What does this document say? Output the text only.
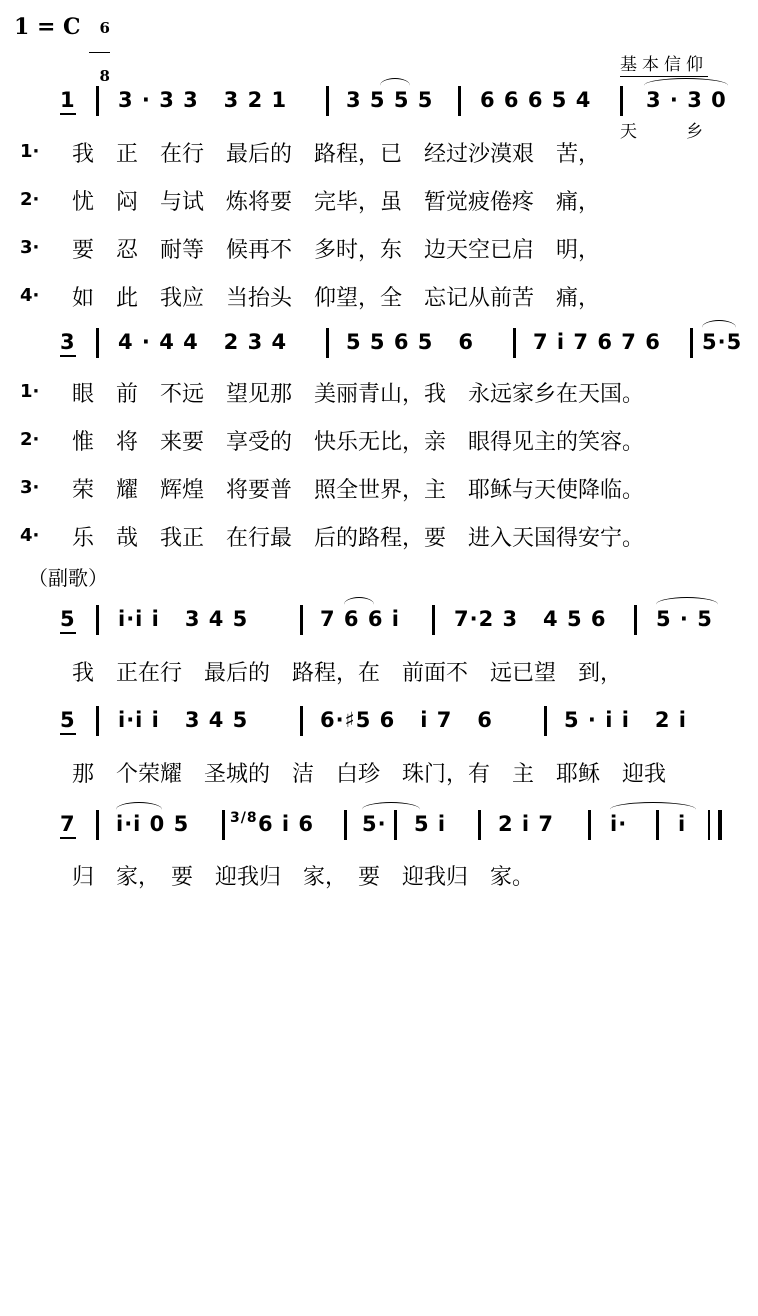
1 = C	6

8

基本信仰

天　　乡

1

3 · 3 3   3 2 1

	3 5 5 5

6 6 6 5 4

	3 · 3 0

1·

我　正　在行　最后的　路程，已　经过沙漠艰　苦，

2·

忧　闷　与试　炼将要　完毕，虽　暂觉疲倦疼　痛，

3·

要　忍　耐等　候再不　多时，东　边天空已启　明，

4·

如　此　我应　当抬头　仰望，全　忘记从前苦　痛，

3

4 · 4 4   2 3 4

	5 5 6 5   6

	7 i 7 6 7 6

5·5

1·

眼　前　不远　望见那　美丽青山，我　永远家乡在天国。

2·

惟　将　来要　享受的　快乐无比，亲　眼得见主的笑容。

3·

荣　耀　辉煌　将要普　照全世界，主　耶稣与天使降临。

4·

乐　哉　我正　在行最　后的路程，要　进入天国得安宁。

（副歌）

5

i·i i   3 4 5

	7 6 6 i

	7·2 3   4 5 6

5 · 5

我　正在行　最后的　路程，在　前面不　远已望　到，

5

i·i i   3 4 5

	6·♯5 6   i 7   6

	5 · i i   2 i

那　个荣耀　圣城的　洁　白珍　珠门，有　主　耶稣　迎我

7

i·i 0 5

	3/8

6 i 6

5·

5 i

2 i 7

	i·

i

归　家，　要　迎我归　家，　要　迎我归　家。
